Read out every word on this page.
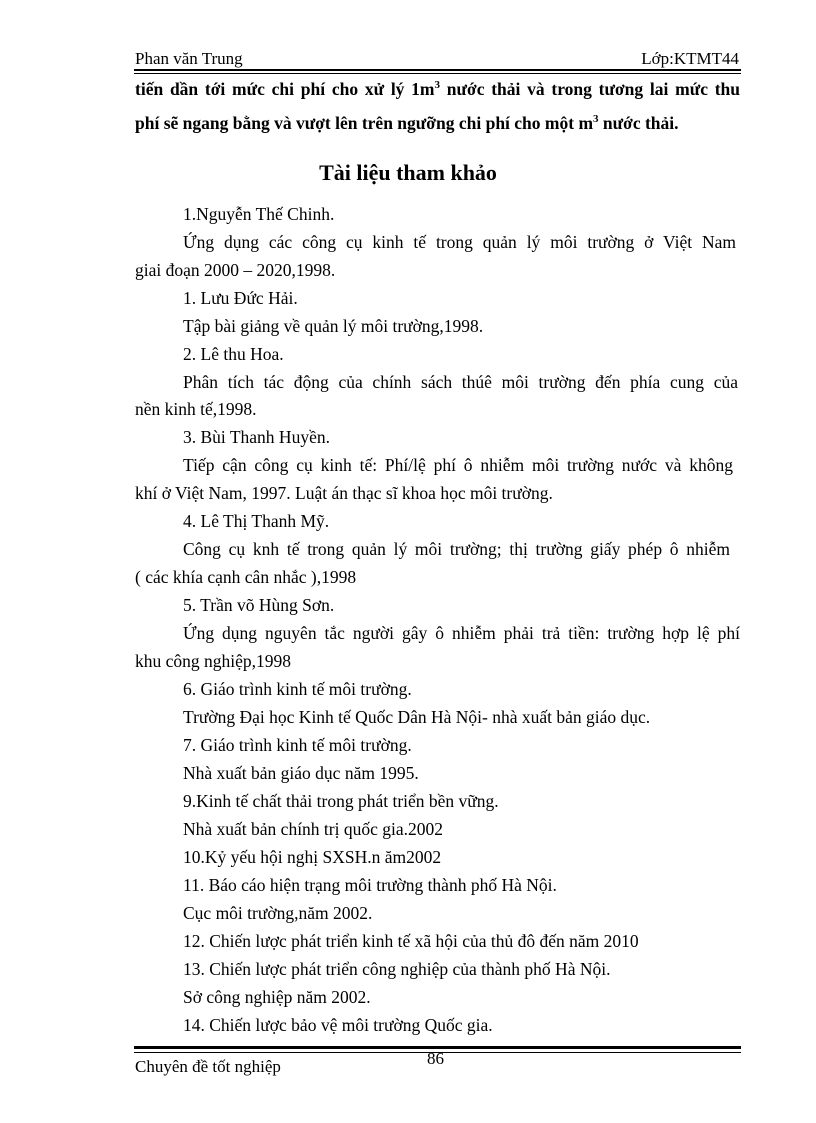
Phan văn Trung	Lớp:KTMT44
tiến dần tới mức chi phí cho xử lý $1m^3$ nước thải và trong tương lai mức thu
phí sẽ ngang bằng và vượt lên trên ngưỡng chi phí cho một $m^3$ nước thải.
Tài liệu tham khảo
1.Nguyễn Thế Chinh.
Ứng dụng các công cụ kinh tế trong quản lý môi trường ở Việt Nam
giai đoạn 2000 – 2020,1998.
1. Lưu Đức Hải.
Tập bài giảng về quản lý môi trường,1998.
2. Lê thu Hoa.
Phân tích tác động của chính sách thúê môi trường đến phía cung của
nền kinh tế,1998.
3. Bùi Thanh Huyền.
Tiếp cận công cụ kinh tế: Phí/lệ phí ô nhiễm môi trường nước và không
khí ở Việt Nam, 1997. Luật án thạc sĩ khoa học môi trường.
4. Lê Thị Thanh Mỹ.
Công cụ knh tế trong quản lý môi trường; thị trường giấy phép ô nhiễm
( các khía cạnh cân nhắc ),1998
5. Trần võ Hùng Sơn.
Ứng dụng nguyên tắc người gây ô nhiễm phải trả tiền: trường hợp lệ phí
khu công nghiệp,1998
6. Giáo trình kinh tế môi trường.
Trường Đại học Kinh tế Quốc Dân Hà Nội- nhà xuất bản giáo dục.
7. Giáo trình kinh tế môi trường.
Nhà xuất bản giáo dục năm 1995.
9.Kinh tế chất thải trong phát triển bền vững.
Nhà xuất bản chính trị quốc gia.2002
10.Kỷ yếu hội nghị SXSH.n ăm2002
11. Báo cáo hiện trạng môi trường thành phố Hà Nội.
Cục môi trường,năm 2002.
12. Chiến lược phát triển kinh tế xã hội của thủ đô đến năm 2010
13. Chiến lược phát triển công nghiệp của thành phố Hà Nội.
Sở công nghiệp năm 2002.
14. Chiến lược bảo vệ môi trường Quốc gia.
86
Chuyên đề tốt nghiệp
